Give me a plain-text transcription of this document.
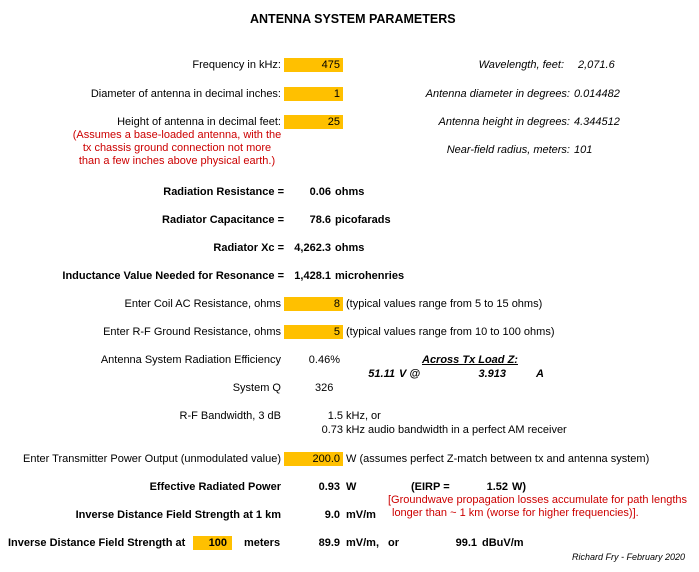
ANTENNA SYSTEM PARAMETERS
Frequency in kHz:	475
Diameter of antenna in decimal inches:	1
Height of antenna in decimal feet:	25
(Assumes a base-loaded antenna, with the
tx chassis ground connection not more
than a few inches above physical earth.)
Wavelength, feet: 2,071.6
Antenna diameter in degrees: 0.014482
Antenna height in degrees: 4.344512
Near-field radius, meters: 101
Radiation Resistance = 0.06 ohms
Radiator Capacitance = 78.6 picofarads
Radiator Xc = 4,262.3 ohms
Inductance Value Needed for Resonance = 1,428.1 microhenries
Enter Coil AC Resistance, ohms	8 (typical values range from 5 to 15 ohms)
Enter R-F Ground Resistance, ohms	5 (typical values range from 10 to 100 ohms)
Antenna System Radiation Efficiency	0.46%	Across Tx Load Z:
51.11 V @	3.913	A
System Q	326
R-F Bandwidth, 3 dB	1.5 kHz, or
0.73 kHz audio bandwidth in a perfect AM receiver
Enter Transmitter Power Output (unmodulated value)	200.0 W (assumes perfect Z-match between tx and antenna system)
Effective Radiated Power	0.93 W	(EIRP =	1.52 W)
[Groundwave propagation losses accumulate for path lengths
longer than ~ 1 km (worse for higher frequencies)].
Inverse Distance Field Strength at 1 km	9.0 mV/m
Inverse Distance Field Strength at	100	meters	89.9 mV/m, or	99.1 dBuV/m
Richard Fry - February 2020
